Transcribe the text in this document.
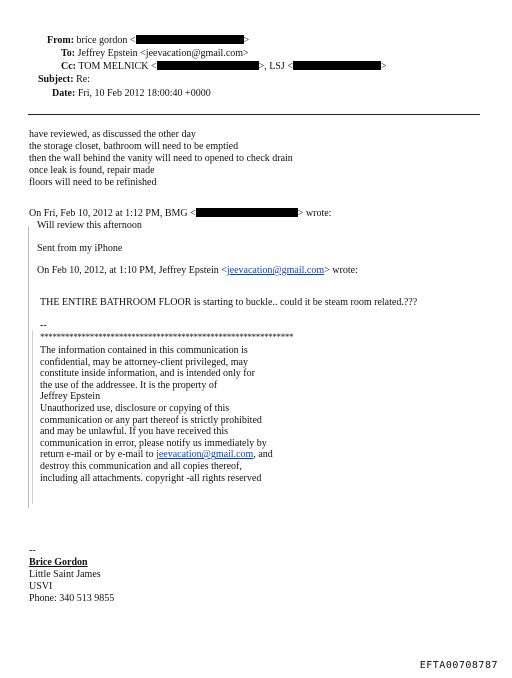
From: brice gordon <	>
To: Jeffrey Epstein <jeevacation@gmail.com>
Cc: TOM MELNICK <	>, LSJ <	>
Subject: Re:
Date: Fri, 10 Feb 2012 18:00:40 +0000
have reviewed, as discussed the other day
the storage closet, bathroom will need to be emptied
then the wall behind the vanity will need to opened to check drain
once leak is found, repair made
floors will need to be refinished
On Fri, Feb 10, 2012 at 1:12 PM, BMG <	> wrote:
Will review this afternoon
Sent from my iPhone
On Feb 10, 2012, at 1:10 PM, Jeffrey Epstein <jeevacation@gmail.com> wrote:
THE ENTIRE BATHROOM FLOOR is starting to buckle.. could it be steam room related.???
--
*************************************************************
The information contained in this communication is
confidential, may be attorney-client privileged, may
constitute inside information, and is intended only for
the use of the addressee. It is the property of
Jeffrey Epstein
Unauthorized use, disclosure or copying of this
communication or any part thereof is strictly prohibited
and may be unlawful. If you have received this
communication in error, please notify us immediately by
return e-mail or by e-mail to jeevacation@gmail.com, and
destroy this communication and all copies thereof,
including all attachments. copyright -all rights reserved
--
Brice Gordon
Little Saint James
USVI
Phone: 340 513 9855
EFTA00708787
